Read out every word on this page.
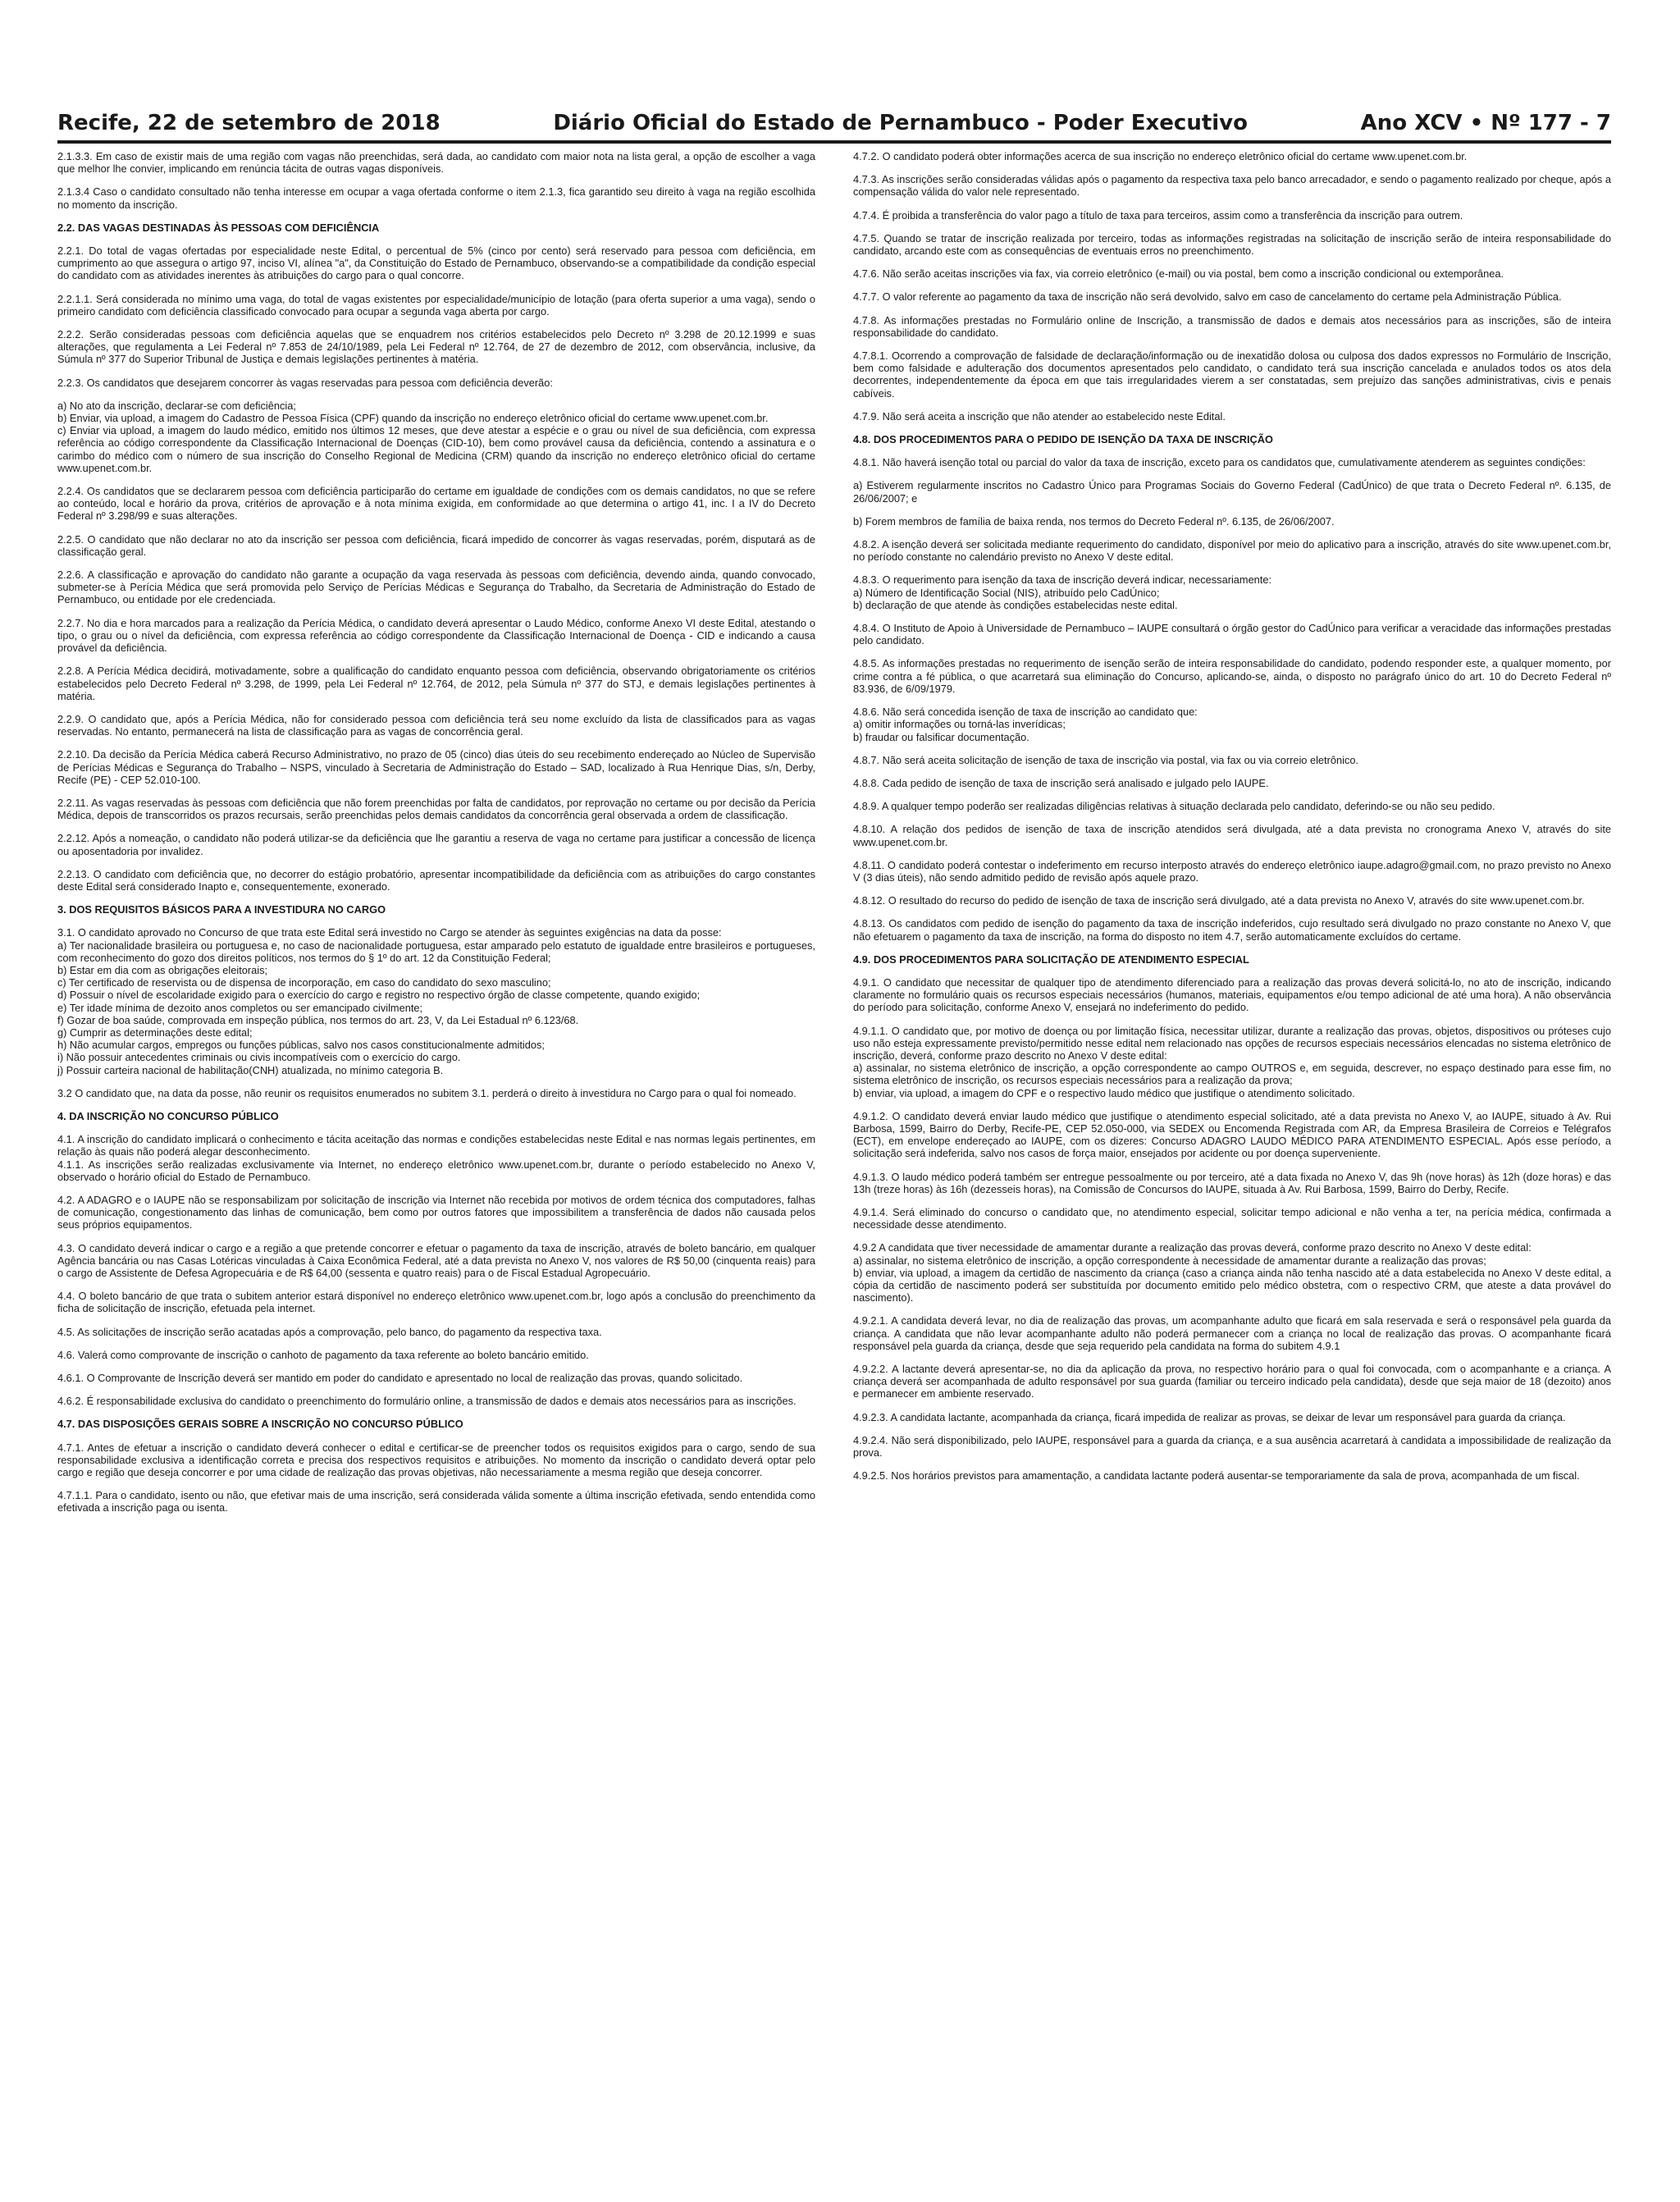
Recife, 22 de setembro de 2018	Diário Oficial do Estado de Pernambuco - Poder Executivo	Ano XCV • Nº 177 - 7

2.1.3.3. Em caso de existir mais de uma região com vagas não preenchidas, será dada, ao candidato com maior nota na lista geral, a opção de escolher a vaga que melhor lhe convier, implicando em renúncia tácita de outras vagas disponíveis.

2.1.3.4 Caso o candidato consultado não tenha interesse em ocupar a vaga ofertada conforme o item 2.1.3, fica garantido seu direito à vaga na região escolhida no momento da inscrição.

2.2. DAS VAGAS DESTINADAS ÀS PESSOAS COM DEFICIÊNCIA

2.2.1. Do total de vagas ofertadas por especialidade neste Edital, o percentual de 5% (cinco por cento) será reservado para pessoa com deficiência, em cumprimento ao que assegura o artigo 97, inciso VI, alínea "a", da Constituição do Estado de Pernambuco, observando-se a compatibilidade da condição especial do candidato com as atividades inerentes às atribuições do cargo para o qual concorre.

2.2.1.1. Será considerada no mínimo uma vaga, do total de vagas existentes por especialidade/município de lotação (para oferta superior a uma vaga), sendo o primeiro candidato com deficiência classificado convocado para ocupar a segunda vaga aberta por cargo.

2.2.2. Serão consideradas pessoas com deficiência aquelas que se enquadrem nos critérios estabelecidos pelo Decreto nº 3.298 de 20.12.1999 e suas alterações, que regulamenta a Lei Federal nº 7.853 de 24/10/1989, pela Lei Federal nº 12.764, de 27 de dezembro de 2012, com observância, inclusive, da Súmula nº 377 do Superior Tribunal de Justiça e demais legislações pertinentes à matéria.

2.2.3. Os candidatos que desejarem concorrer às vagas reservadas para pessoa com deficiência deverão:

a) No ato da inscrição, declarar-se com deficiência;
b) Enviar, via upload, a imagem do Cadastro de Pessoa Física (CPF) quando da inscrição no endereço eletrônico oficial do certame www.upenet.com.br.
c) Enviar via upload, a imagem do laudo médico, emitido nos últimos 12 meses, que deve atestar a espécie e o grau ou nível de sua deficiência, com expressa referência ao código correspondente da Classificação Internacional de Doenças (CID-10), bem como provável causa da deficiência, contendo a assinatura e o carimbo do médico com o número de sua inscrição do Conselho Regional de Medicina (CRM) quando da inscrição no endereço eletrônico oficial do certame www.upenet.com.br.

2.2.4. Os candidatos que se declararem pessoa com deficiência participarão do certame em igualdade de condições com os demais candidatos, no que se refere ao conteúdo, local e horário da prova, critérios de aprovação e à nota mínima exigida, em conformidade ao que determina o artigo 41, inc. I a IV do Decreto Federal nº 3.298/99 e suas alterações.

2.2.5. O candidato que não declarar no ato da inscrição ser pessoa com deficiência, ficará impedido de concorrer às vagas reservadas, porém, disputará as de classificação geral.

2.2.6. A classificação e aprovação do candidato não garante a ocupação da vaga reservada às pessoas com deficiência, devendo ainda, quando convocado, submeter-se à Perícia Médica que será promovida pelo Serviço de Perícias Médicas e Segurança do Trabalho, da Secretaria de Administração do Estado de Pernambuco, ou entidade por ele credenciada.

2.2.7. No dia e hora marcados para a realização da Perícia Médica, o candidato deverá apresentar o Laudo Médico, conforme Anexo VI deste Edital, atestando o tipo, o grau ou o nível da deficiência, com expressa referência ao código correspondente da Classificação Internacional de Doença - CID e indicando a causa provável da deficiência.

2.2.8. A Perícia Médica decidirá, motivadamente, sobre a qualificação do candidato enquanto pessoa com deficiência, observando obrigatoriamente os critérios estabelecidos pelo Decreto Federal nº 3.298, de 1999, pela Lei Federal nº 12.764, de 2012, pela Súmula nº 377 do STJ, e demais legislações pertinentes à matéria.

2.2.9. O candidato que, após a Perícia Médica, não for considerado pessoa com deficiência terá seu nome excluído da lista de classificados para as vagas reservadas. No entanto, permanecerá na lista de classificação para as vagas de concorrência geral.

2.2.10. Da decisão da Perícia Médica caberá Recurso Administrativo, no prazo de 05 (cinco) dias úteis do seu recebimento endereçado ao Núcleo de Supervisão de Perícias Médicas e Segurança do Trabalho – NSPS, vinculado à Secretaria de Administração do Estado – SAD, localizado à Rua Henrique Dias, s/n, Derby, Recife (PE) - CEP 52.010-100.

2.2.11. As vagas reservadas às pessoas com deficiência que não forem preenchidas por falta de candidatos, por reprovação no certame ou por decisão da Perícia Médica, depois de transcorridos os prazos recursais, serão preenchidas pelos demais candidatos da concorrência geral observada a ordem de classificação.

2.2.12. Após a nomeação, o candidato não poderá utilizar-se da deficiência que lhe garantiu a reserva de vaga no certame para justificar a concessão de licença ou aposentadoria por invalidez.

2.2.13. O candidato com deficiência que, no decorrer do estágio probatório, apresentar incompatibilidade da deficiência com as atribuições do cargo constantes deste Edital será considerado Inapto e, consequentemente, exonerado.

3. DOS REQUISITOS BÁSICOS PARA A INVESTIDURA NO CARGO

3.1. O candidato aprovado no Concurso de que trata este Edital será investido no Cargo se atender às seguintes exigências na data da posse:
a) Ter nacionalidade brasileira ou portuguesa e, no caso de nacionalidade portuguesa, estar amparado pelo estatuto de igualdade entre brasileiros e portugueses, com reconhecimento do gozo dos direitos políticos, nos termos do § 1º do art. 12 da Constituição Federal;
b) Estar em dia com as obrigações eleitorais;
c) Ter certificado de reservista ou de dispensa de incorporação, em caso do candidato do sexo masculino;
d) Possuir o nível de escolaridade exigido para o exercício do cargo e registro no respectivo órgão de classe competente, quando exigido;
e) Ter idade mínima de dezoito anos completos ou ser emancipado civilmente;
f) Gozar de boa saúde, comprovada em inspeção pública, nos termos do art. 23, V, da Lei Estadual nº 6.123/68.
g) Cumprir as determinações deste edital;
h) Não acumular cargos, empregos ou funções públicas, salvo nos casos constitucionalmente admitidos;
i) Não possuir antecedentes criminais ou civis incompatíveis com o exercício do cargo.
j) Possuir carteira nacional de habilitação(CNH) atualizada, no mínimo categoria B.

3.2 O candidato que, na data da posse, não reunir os requisitos enumerados no subitem 3.1. perderá o direito à investidura no Cargo para o qual foi nomeado.

4. DA INSCRIÇÃO NO CONCURSO PÚBLICO

4.1. A inscrição do candidato implicará o conhecimento e tácita aceitação das normas e condições estabelecidas neste Edital e nas normas legais pertinentes, em relação às quais não poderá alegar desconhecimento.
4.1.1. As inscrições serão realizadas exclusivamente via Internet, no endereço eletrônico www.upenet.com.br, durante o período estabelecido no Anexo V, observado o horário oficial do Estado de Pernambuco.

4.2. A ADAGRO e o IAUPE não se responsabilizam por solicitação de inscrição via Internet não recebida por motivos de ordem técnica dos computadores, falhas de comunicação, congestionamento das linhas de comunicação, bem como por outros fatores que impossibilitem a transferência de dados não causada pelos seus próprios equipamentos.

4.3. O candidato deverá indicar o cargo e a região a que pretende concorrer e efetuar o pagamento da taxa de inscrição, através de boleto bancário, em qualquer Agência bancária ou nas Casas Lotéricas vinculadas à Caixa Econômica Federal, até a data prevista no Anexo V, nos valores de R$ 50,00 (cinquenta reais) para o cargo de Assistente de Defesa Agropecuária e de R$ 64,00 (sessenta e quatro reais) para o de Fiscal Estadual Agropecuário.

4.4. O boleto bancário de que trata o subitem anterior estará disponível no endereço eletrônico www.upenet.com.br, logo após a conclusão do preenchimento da ficha de solicitação de inscrição, efetuada pela internet.

4.5. As solicitações de inscrição serão acatadas após a comprovação, pelo banco, do pagamento da respectiva taxa.

4.6. Valerá como comprovante de inscrição o canhoto de pagamento da taxa referente ao boleto bancário emitido.

4.6.1. O Comprovante de Inscrição deverá ser mantido em poder do candidato e apresentado no local de realização das provas, quando solicitado.

4.6.2. É responsabilidade exclusiva do candidato o preenchimento do formulário online, a transmissão de dados e demais atos necessários para as inscrições.

4.7. DAS DISPOSIÇÕES GERAIS SOBRE A INSCRIÇÃO NO CONCURSO PÚBLICO

4.7.1. Antes de efetuar a inscrição o candidato deverá conhecer o edital e certificar-se de preencher todos os requisitos exigidos para o cargo, sendo de sua responsabilidade exclusiva a identificação correta e precisa dos respectivos requisitos e atribuições. No momento da inscrição o candidato deverá optar pelo cargo e região que deseja concorrer e por uma cidade de realização das provas objetivas, não necessariamente a mesma região que deseja concorrer.

4.7.1.1. Para o candidato, isento ou não, que efetivar mais de uma inscrição, será considerada válida somente a última inscrição efetivada, sendo entendida como efetivada a inscrição paga ou isenta.

4.7.2. O candidato poderá obter informações acerca de sua inscrição no endereço eletrônico oficial do certame www.upenet.com.br.

4.7.3. As inscrições serão consideradas válidas após o pagamento da respectiva taxa pelo banco arrecadador, e sendo o pagamento realizado por cheque, após a compensação válida do valor nele representado.

4.7.4. É proibida a transferência do valor pago a título de taxa para terceiros, assim como a transferência da inscrição para outrem.

4.7.5. Quando se tratar de inscrição realizada por terceiro, todas as informações registradas na solicitação de inscrição serão de inteira responsabilidade do candidato, arcando este com as consequências de eventuais erros no preenchimento.

4.7.6. Não serão aceitas inscrições via fax, via correio eletrônico (e-mail) ou via postal, bem como a inscrição condicional ou extemporânea.

4.7.7. O valor referente ao pagamento da taxa de inscrição não será devolvido, salvo em caso de cancelamento do certame pela Administração Pública.

4.7.8. As informações prestadas no Formulário online de Inscrição, a transmissão de dados e demais atos necessários para as inscrições, são de inteira responsabilidade do candidato.

4.7.8.1. Ocorrendo a comprovação de falsidade de declaração/informação ou de inexatidão dolosa ou culposa dos dados expressos no Formulário de Inscrição, bem como falsidade e adulteração dos documentos apresentados pelo candidato, o candidato terá sua inscrição cancelada e anulados todos os atos dela decorrentes, independentemente da época em que tais irregularidades vierem a ser constatadas, sem prejuízo das sanções administrativas, civis e penais cabíveis.

4.7.9. Não será aceita a inscrição que não atender ao estabelecido neste Edital.

4.8. DOS PROCEDIMENTOS PARA O PEDIDO DE ISENÇÃO DA TAXA DE INSCRIÇÃO

4.8.1. Não haverá isenção total ou parcial do valor da taxa de inscrição, exceto para os candidatos que, cumulativamente atenderem as seguintes condições:

a) Estiverem regularmente inscritos no Cadastro Único para Programas Sociais do Governo Federal (CadÚnico) de que trata o Decreto Federal nº. 6.135, de 26/06/2007; e

b) Forem membros de família de baixa renda, nos termos do Decreto Federal nº. 6.135, de 26/06/2007.

4.8.2. A isenção deverá ser solicitada mediante requerimento do candidato, disponível por meio do aplicativo para a inscrição, através do site www.upenet.com.br, no período constante no calendário previsto no Anexo V deste edital.

4.8.3. O requerimento para isenção da taxa de inscrição deverá indicar, necessariamente:
a) Número de Identificação Social (NIS), atribuído pelo CadÚnico;
b) declaração de que atende às condições estabelecidas neste edital.

4.8.4. O Instituto de Apoio à Universidade de Pernambuco – IAUPE consultará o órgão gestor do CadÚnico para verificar a veracidade das informações prestadas pelo candidato.

4.8.5. As informações prestadas no requerimento de isenção serão de inteira responsabilidade do candidato, podendo responder este, a qualquer momento, por crime contra a fé pública, o que acarretará sua eliminação do Concurso, aplicando-se, ainda, o disposto no parágrafo único do art. 10 do Decreto Federal nº 83.936, de 6/09/1979.

4.8.6. Não será concedida isenção de taxa de inscrição ao candidato que:
a) omitir informações ou torná-las inverídicas;
b) fraudar ou falsificar documentação.

4.8.7. Não será aceita solicitação de isenção de taxa de inscrição via postal, via fax ou via correio eletrônico.

4.8.8. Cada pedido de isenção de taxa de inscrição será analisado e julgado pelo IAUPE.

4.8.9. A qualquer tempo poderão ser realizadas diligências relativas à situação declarada pelo candidato, deferindo-se ou não seu pedido.

4.8.10. A relação dos pedidos de isenção de taxa de inscrição atendidos será divulgada, até a data prevista no cronograma Anexo V, através do site www.upenet.com.br.

4.8.11. O candidato poderá contestar o indeferimento em recurso interposto através do endereço eletrônico iaupe.adagro@gmail.com, no prazo previsto no Anexo V (3 dias úteis), não sendo admitido pedido de revisão após aquele prazo.

4.8.12. O resultado do recurso do pedido de isenção de taxa de inscrição será divulgado, até a data prevista no Anexo V, através do site www.upenet.com.br.

4.8.13. Os candidatos com pedido de isenção do pagamento da taxa de inscrição indeferidos, cujo resultado será divulgado no prazo constante no Anexo V, que não efetuarem o pagamento da taxa de inscrição, na forma do disposto no item 4.7, serão automaticamente excluídos do certame.

4.9. DOS PROCEDIMENTOS PARA SOLICITAÇÃO DE ATENDIMENTO ESPECIAL

4.9.1. O candidato que necessitar de qualquer tipo de atendimento diferenciado para a realização das provas deverá solicitá-lo, no ato de inscrição, indicando claramente no formulário quais os recursos especiais necessários (humanos, materiais, equipamentos e/ou tempo adicional de até uma hora). A não observância do período para solicitação, conforme Anexo V, ensejará no indeferimento do pedido.

4.9.1.1. O candidato que, por motivo de doença ou por limitação física, necessitar utilizar, durante a realização das provas, objetos, dispositivos ou próteses cujo uso não esteja expressamente previsto/permitido nesse edital nem relacionado nas opções de recursos especiais necessários elencadas no sistema eletrônico de inscrição, deverá, conforme prazo descrito no Anexo V deste edital:
a) assinalar, no sistema eletrônico de inscrição, a opção correspondente ao campo OUTROS e, em seguida, descrever, no espaço destinado para esse fim, no sistema eletrônico de inscrição, os recursos especiais necessários para a realização da prova;
b) enviar, via upload, a imagem do CPF e o respectivo laudo médico que justifique o atendimento solicitado.

4.9.1.2. O candidato deverá enviar laudo médico que justifique o atendimento especial solicitado, até a data prevista no Anexo V, ao IAUPE, situado à Av. Rui Barbosa, 1599, Bairro do Derby, Recife-PE, CEP 52.050-000, via SEDEX ou Encomenda Registrada com AR, da Empresa Brasileira de Correios e Telégrafos (ECT), em envelope endereçado ao IAUPE, com os dizeres: Concurso ADAGRO LAUDO MÉDICO PARA ATENDIMENTO ESPECIAL. Após esse período, a solicitação será indeferida, salvo nos casos de força maior, ensejados por acidente ou por doença superveniente.

4.9.1.3. O laudo médico poderá também ser entregue pessoalmente ou por terceiro, até a data fixada no Anexo V, das 9h (nove horas) às 12h (doze horas) e das 13h (treze horas) às 16h (dezesseis horas), na Comissão de Concursos do IAUPE, situada à Av. Rui Barbosa, 1599, Bairro do Derby, Recife.

4.9.1.4. Será eliminado do concurso o candidato que, no atendimento especial, solicitar tempo adicional e não venha a ter, na perícia médica, confirmada a necessidade desse atendimento.

4.9.2 A candidata que tiver necessidade de amamentar durante a realização das provas deverá, conforme prazo descrito no Anexo V deste edital:
a) assinalar, no sistema eletrônico de inscrição, a opção correspondente à necessidade de amamentar durante a realização das provas;
b) enviar, via upload, a imagem da certidão de nascimento da criança (caso a criança ainda não tenha nascido até a data estabelecida no Anexo V deste edital, a cópia da certidão de nascimento poderá ser substituída por documento emitido pelo médico obstetra, com o respectivo CRM, que ateste a data provável do nascimento).

4.9.2.1. A candidata deverá levar, no dia de realização das provas, um acompanhante adulto que ficará em sala reservada e será o responsável pela guarda da criança. A candidata que não levar acompanhante adulto não poderá permanecer com a criança no local de realização das provas. O acompanhante ficará responsável pela guarda da criança, desde que seja requerido pela candidata na forma do subitem 4.9.1

4.9.2.2. A lactante deverá apresentar-se, no dia da aplicação da prova, no respectivo horário para o qual foi convocada, com o acompanhante e a criança. A criança deverá ser acompanhada de adulto responsável por sua guarda (familiar ou terceiro indicado pela candidata), desde que seja maior de 18 (dezoito) anos e permanecer em ambiente reservado.

4.9.2.3. A candidata lactante, acompanhada da criança, ficará impedida de realizar as provas, se deixar de levar um responsável para guarda da criança.

4.9.2.4. Não será disponibilizado, pelo IAUPE, responsável para a guarda da criança, e a sua ausência acarretará à candidata a impossibilidade de realização da prova.

4.9.2.5. Nos horários previstos para amamentação, a candidata lactante poderá ausentar-se temporariamente da sala de prova, acompanhada de um fiscal.
